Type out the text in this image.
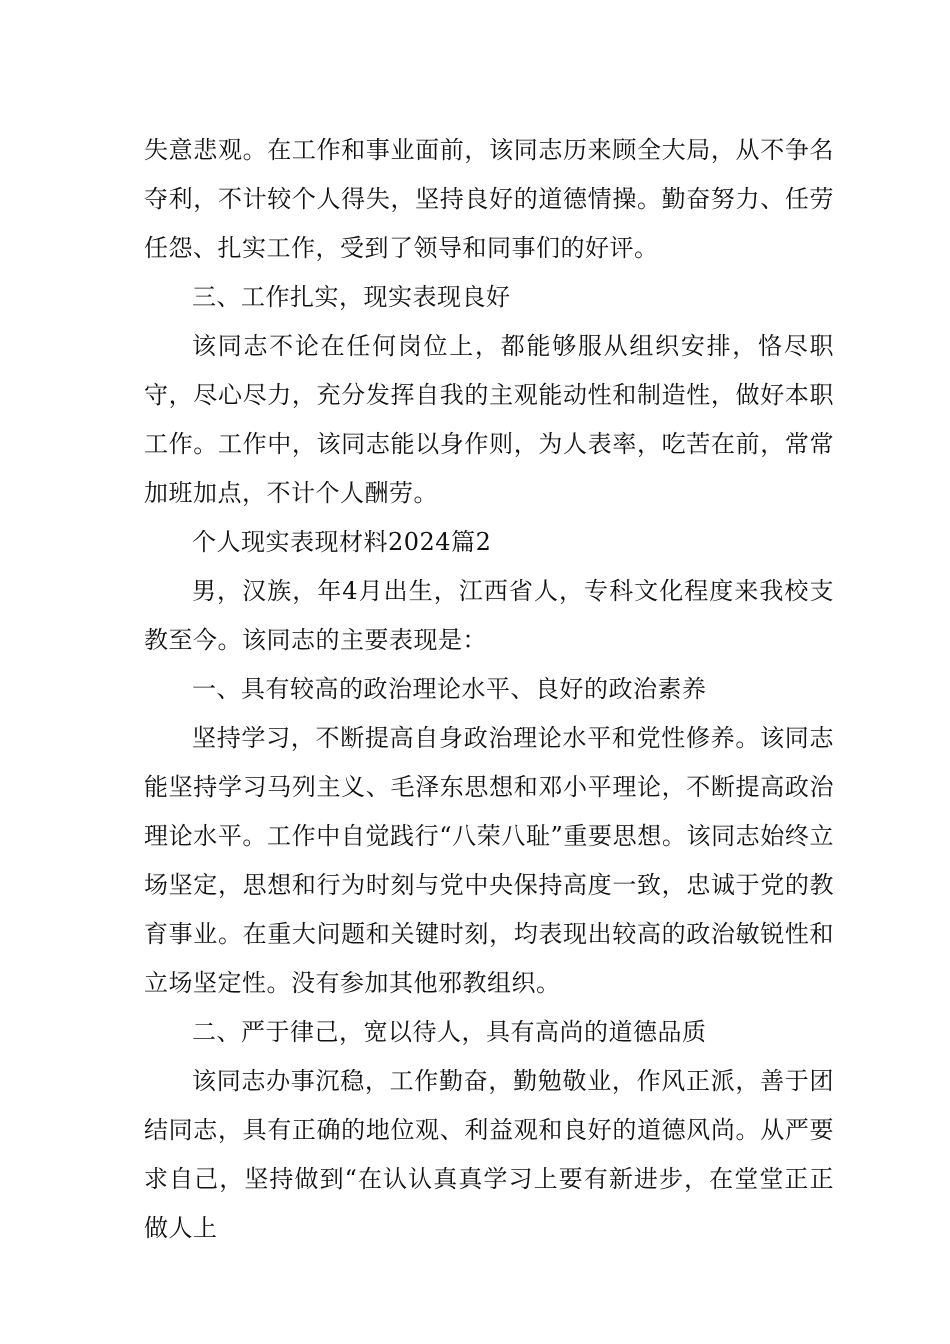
失意悲观。在工作和事业面前，该同志历来顾全大局，从不争名夺利，不计较个人得失，坚持良好的道德情操。勤奋努力、任劳任怨、扎实工作，受到了领导和同事们的好评。

三、工作扎实，现实表现良好

该同志不论在任何岗位上，都能够服从组织安排，恪尽职守，尽心尽力，充分发挥自我的主观能动性和制造性，做好本职工作。工作中，该同志能以身作则，为人表率，吃苦在前，常常加班加点，不计个人酬劳。

个人现实表现材料2024篇2

男，汉族，年4月出生，江西省人，专科文化程度来我校支教至今。该同志的主要表现是：

一、具有较高的政治理论水平、良好的政治素养

坚持学习，不断提高自身政治理论水平和党性修养。该同志能坚持学习马列主义、毛泽东思想和邓小平理论，不断提高政治理论水平。工作中自觉践行“八荣八耻”重要思想。该同志始终立场坚定，思想和行为时刻与党中央保持高度一致，忠诚于党的教育事业。在重大问题和关键时刻，均表现出较高的政治敏锐性和立场坚定性。没有参加其他邪教组织。

二、严于律己，宽以待人，具有高尚的道德品质

该同志办事沉稳，工作勤奋，勤勉敬业，作风正派，善于团结同志，具有正确的地位观、利益观和良好的道德风尚。从严要求自己，坚持做到“在认认真真学习上要有新进步，在堂堂正正做人上
